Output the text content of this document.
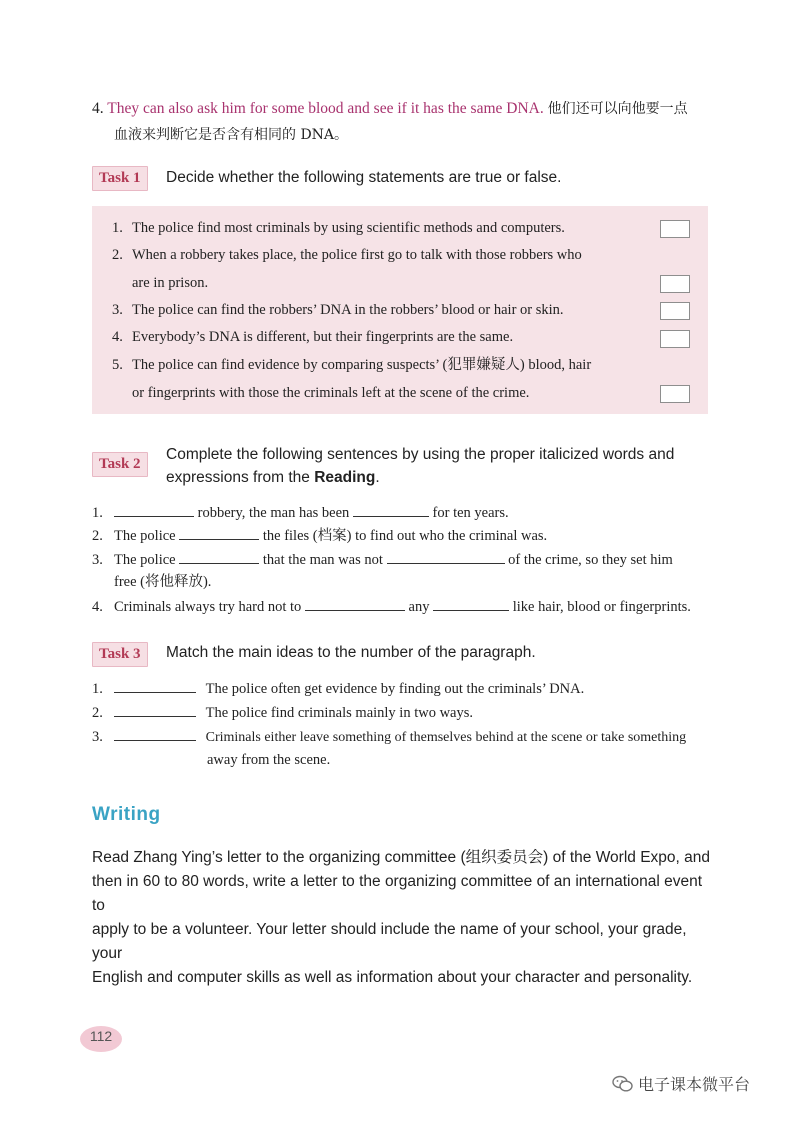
4. They can also ask him for some blood and see if it has the same DNA. 他们还可以向他要一点
血液来判断它是否含有相同的 DNA。
Task 1	Decide whether the following statements are true or false.
1. The police find most criminals by using scientific methods and computers.
2. When a robbery takes place, the police first go to talk with those robbers who
are in prison.
3. The police can find the robbers’ DNA in the robbers’ blood or hair or skin.
4. Everybody’s DNA is different, but their fingerprints are the same.
5. The police can find evidence by comparing suspects’ (犯罪嫌疑人) blood, hair
or fingerprints with those the criminals left at the scene of the crime.
Task 2
Complete the following sentences by using the proper italicized words and
expressions from the Reading.
1.	robbery, the man has been	for ten years.
2. The police	the files (档案) to find out who the criminal was.
3. The police	that the man was not	of the crime, so they set him
free (将他释放).
4. Criminals always try hard not to	any	like hair, blood or fingerprints.
Task 3	Match the main ideas to the number of the paragraph.
1.	The police often get evidence by finding out the criminals’ DNA.
2.	The police find criminals mainly in two ways.
3.	Criminals either leave something of themselves behind at the scene or take something
away from the scene.
Writing
Read Zhang Ying’s letter to the organizing committee (组织委员会) of the World Expo, and
then in 60 to 80 words, write a letter to the organizing committee of an international event to
apply to be a volunteer. Your letter should include the name of your school, your grade, your
English and computer skills as well as information about your character and personality.
112
电子课本微平台
